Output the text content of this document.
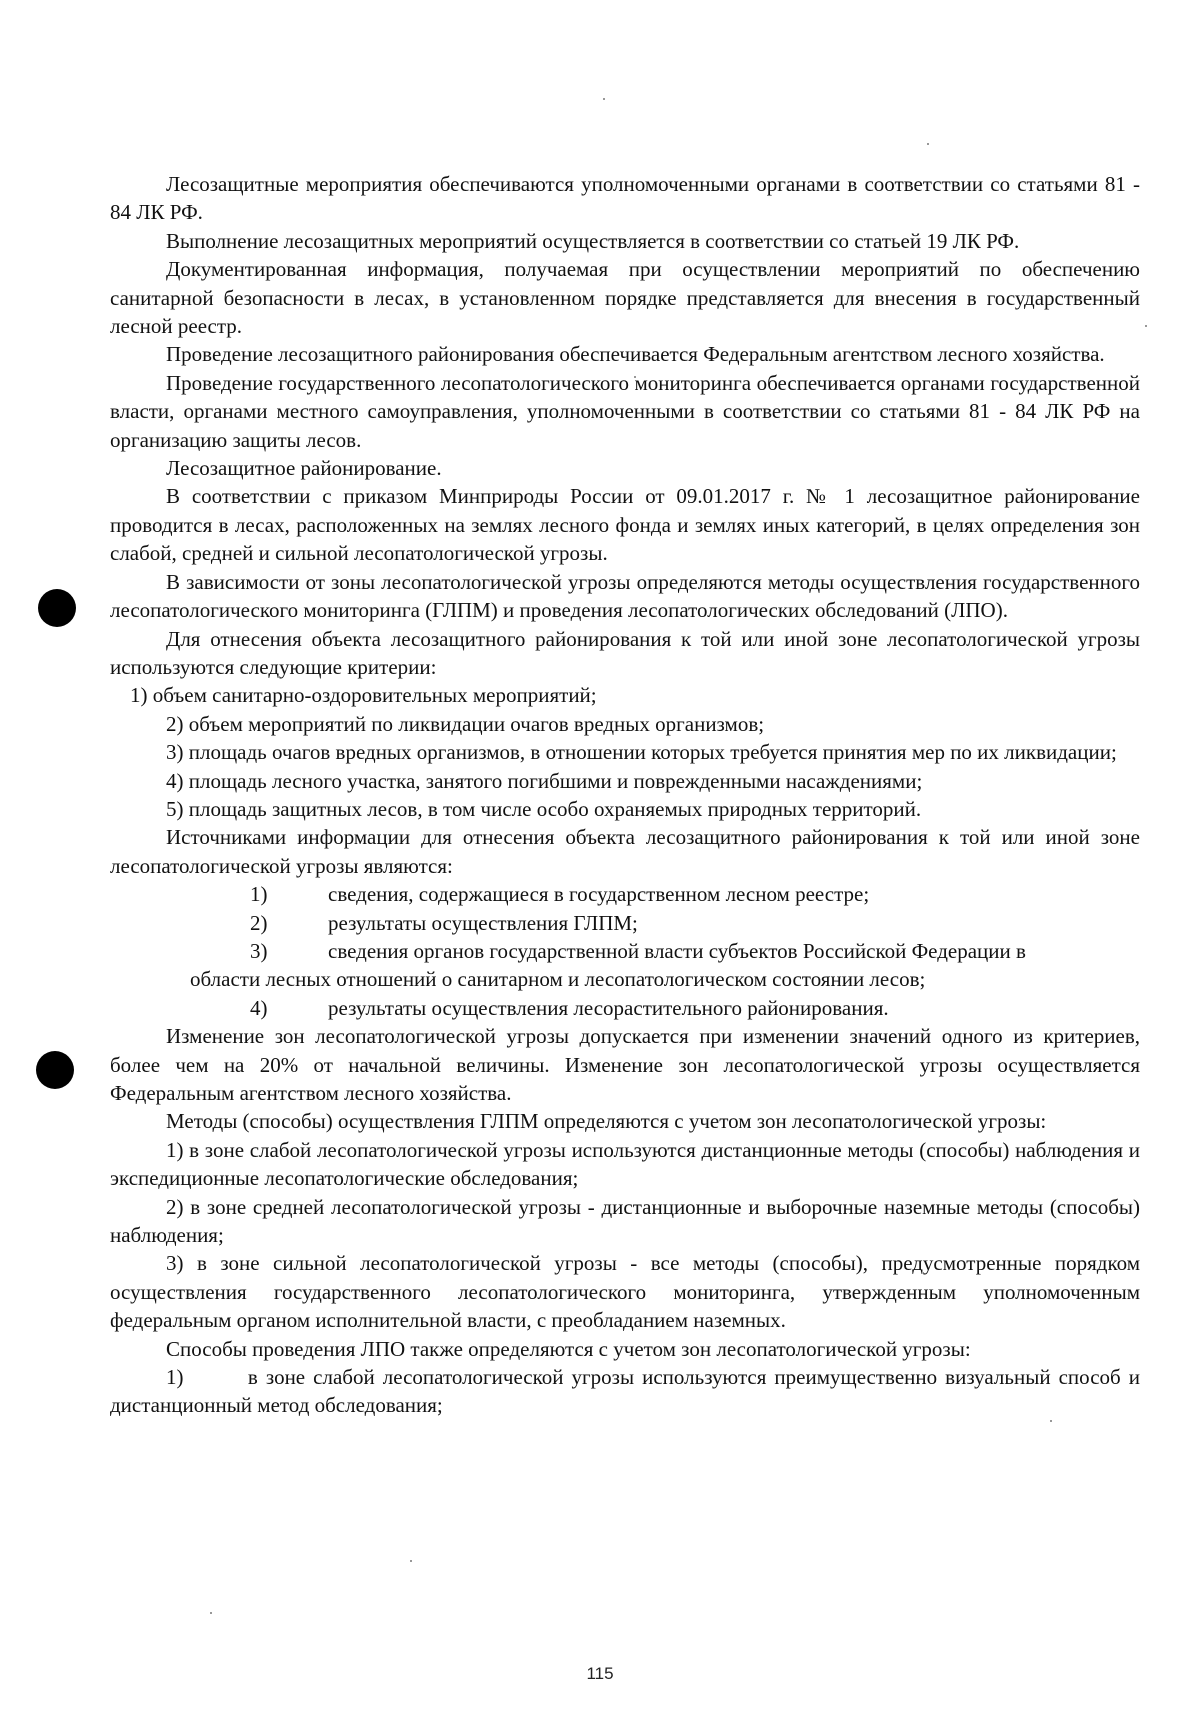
Лесозащитные мероприятия обеспечиваются уполномоченными органами в соответствии со статьями 81 - 84 ЛК РФ.

Выполнение лесозащитных мероприятий осуществляется в соответствии со статьей 19 ЛК РФ.

Документированная информация, получаемая при осуществлении мероприятий по обеспечению санитарной безопасности в лесах, в установленном порядке представляется для внесения в государственный лесной реестр.

Проведение лесозащитного районирования обеспечивается Федеральным агентством лесного хозяйства.

Проведение государственного лесопатологического мониторинга обеспечивается органами государственной власти, органами местного самоуправления, уполномоченными в соответствии со статьями 81 - 84 ЛК РФ на организацию защиты лесов.

Лесозащитное районирование.

В соответствии с приказом Минприроды России от 09.01.2017 г. № 1 лесозащитное районирование проводится в лесах, расположенных на землях лесного фонда и землях иных категорий, в целях определения зон слабой, средней и сильной лесопатологической угрозы.

В зависимости от зоны лесопатологической угрозы определяются методы осуществления государственного лесопатологического мониторинга (ГЛПМ) и проведения лесопатологических обследований (ЛПО).

Для отнесения объекта лесозащитного районирования к той или иной зоне лесопатологической угрозы используются следующие критерии:

1) объем санитарно-оздоровительных мероприятий;

2) объем мероприятий по ликвидации очагов вредных организмов;

3) площадь очагов вредных организмов, в отношении которых требуется принятия мер по их ликвидации;

4) площадь лесного участка, занятого погибшими и поврежденными насаждениями;

5) площадь защитных лесов, в том числе особо охраняемых природных территорий.

Источниками информации для отнесения объекта лесозащитного районирования к той или иной зоне лесопатологической угрозы являются:

1)	сведения, содержащиеся в государственном лесном реестре;
2)	результаты осуществления ГЛПМ;
3)	сведения органов государственной власти субъектов Российской Федерации в

области лесных отношений о санитарном и лесопатологическом состоянии лесов;

4)	результаты осуществления лесорастительного районирования.

Изменение зон лесопатологической угрозы допускается при изменении значений одного из критериев, более чем на 20% от начальной величины. Изменение зон лесопатологической угрозы осуществляется Федеральным агентством лесного хозяйства.

Методы (способы) осуществления ГЛПМ определяются с учетом зон лесопатологической угрозы:

1) в зоне слабой лесопатологической угрозы используются дистанционные методы (способы) наблюдения и экспедиционные лесопатологические обследования;

2) в зоне средней лесопатологической угрозы - дистанционные и выборочные наземные методы (способы) наблюдения;

3) в зоне сильной лесопатологической угрозы - все методы (способы), предусмотренные порядком осуществления государственного лесопатологического мониторинга, утвержденным уполномоченным федеральным органом исполнительной власти, с преобладанием наземных.

Способы проведения ЛПО также определяются с учетом зон лесопатологической угрозы:

1)        в зоне слабой лесопатологической угрозы используются преимущественно визуальный способ и дистанционный метод обследования;

115
